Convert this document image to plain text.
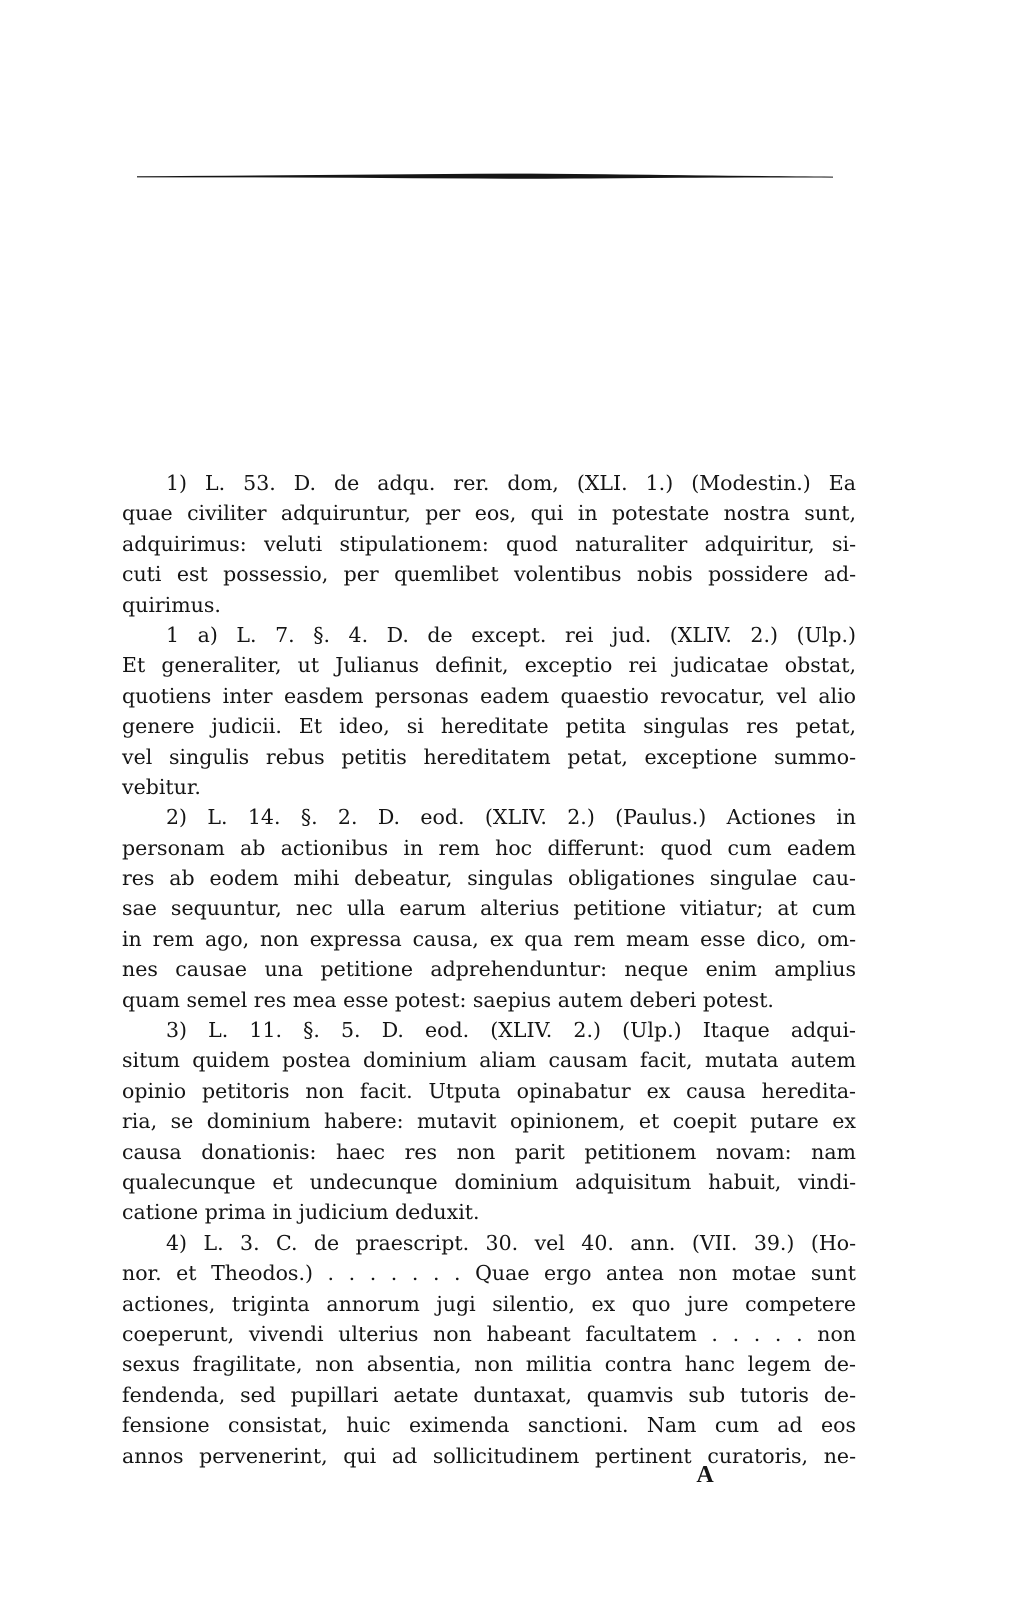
1) L. 53. D. de adqu. rer. dom, (XLI. 1.) (Modestin.) Ea
quae civiliter adquiruntur, per eos, qui in potestate nostra sunt,
adquirimus: veluti stipulationem: quod naturaliter adquiritur, si-
cuti est possessio, per quemlibet volentibus nobis possidere ad-
quirimus.
1 a) L. 7. §. 4. D. de except. rei jud. (XLIV. 2.) (Ulp.)
Et generaliter, ut Julianus definit, exceptio rei judicatae obstat,
quotiens inter easdem personas eadem quaestio revocatur, vel alio
genere judicii. Et ideo, si hereditate petita singulas res petat,
vel singulis rebus petitis hereditatem petat, exceptione summo-
vebitur.
2) L. 14. §. 2. D. eod. (XLIV. 2.) (Paulus.) Actiones in
personam ab actionibus in rem hoc differunt: quod cum eadem
res ab eodem mihi debeatur, singulas obligationes singulae cau-
sae sequuntur, nec ulla earum alterius petitione vitiatur; at cum
in rem ago, non expressa causa, ex qua rem meam esse dico, om-
nes causae una petitione adprehenduntur: neque enim amplius
quam semel res mea esse potest: saepius autem deberi potest.
3) L. 11. §. 5. D. eod. (XLIV. 2.) (Ulp.) Itaque adqui-
situm quidem postea dominium aliam causam facit, mutata autem
opinio petitoris non facit. Utputa opinabatur ex causa heredita-
ria, se dominium habere: mutavit opinionem, et coepit putare ex
causa donationis: haec res non parit petitionem novam: nam
qualecunque et undecunque dominium adquisitum habuit, vindi-
catione prima in judicium deduxit.
4) L. 3. C. de praescript. 30. vel 40. ann. (VII. 39.) (Ho-
nor. et Theodos.) . . . . . . . Quae ergo antea non motae sunt
actiones, triginta annorum jugi silentio, ex quo jure competere
coeperunt, vivendi ulterius non habeant facultatem . . . . . non
sexus fragilitate, non absentia, non militia contra hanc legem de-
fendenda, sed pupillari aetate duntaxat, quamvis sub tutoris de-
fensione consistat, huic eximenda sanctioni. Nam cum ad eos
annos pervenerint, qui ad sollicitudinem pertinent curatoris, ne-
A
